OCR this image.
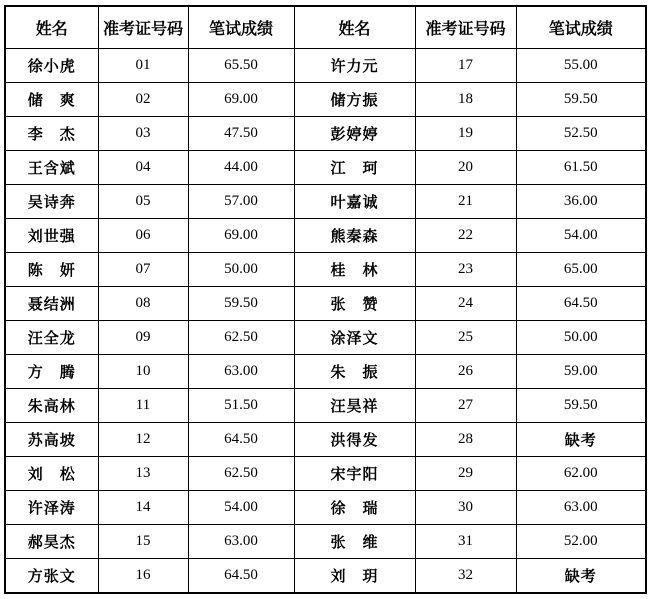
姓名	准考证号码	笔试成绩	姓名	准考证号码	笔试成绩
徐小虎	01	65.50	许力元	17	55.00
储　爽	02	69.00	储方振	18	59.50
李　杰	03	47.50	彭婷婷	19	52.50
王含斌	04	44.00	江　珂	20	61.50
吴诗奔	05	57.00	叶嘉诚	21	36.00
刘世强	06	69.00	熊秦森	22	54.00
陈　妍	07	50.00	桂　林	23	65.00
聂结洲	08	59.50	张　赞	24	64.50
汪全龙	09	62.50	涂泽文	25	50.00
方　腾	10	63.00	朱　振	26	59.00
朱高林	11	51.50	汪昊祥	27	59.50
苏高坡	12	64.50	洪得发	28	缺考
刘　松	13	62.50	宋宇阳	29	62.00
许泽涛	14	54.00	徐　瑞	30	63.00
郝昊杰	15	63.00	张　维	31	52.00
方张文	16	64.50	刘　玥	32	缺考
